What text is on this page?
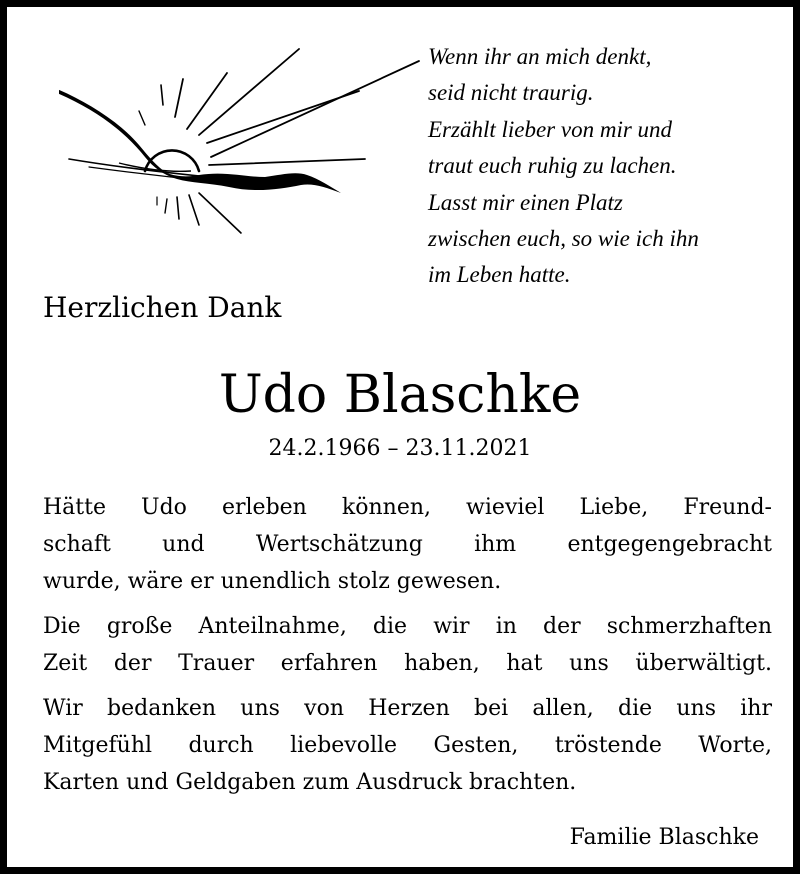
Wenn ihr an mich denkt,
seid nicht traurig.
Erzählt lieber von mir und
traut euch ruhig zu lachen.
Lasst mir einen Platz
zwischen euch, so wie ich ihn
im Leben hatte.
Herzlichen Dank
Udo Blaschke
24.2.1966 – 23.11.2021
Hätte Udo erleben können, wieviel Liebe, Freund-
schaft und Wertschätzung ihm entgegengebracht
wurde, wäre er unendlich stolz gewesen.
Die große Anteilnahme, die wir in der schmerzhaften
Zeit der Trauer erfahren haben, hat uns überwältigt.
Wir bedanken uns von Herzen bei allen, die uns ihr
Mitgefühl durch liebevolle Gesten, tröstende Worte,
Karten und Geldgaben zum Ausdruck brachten.
Familie Blaschke
